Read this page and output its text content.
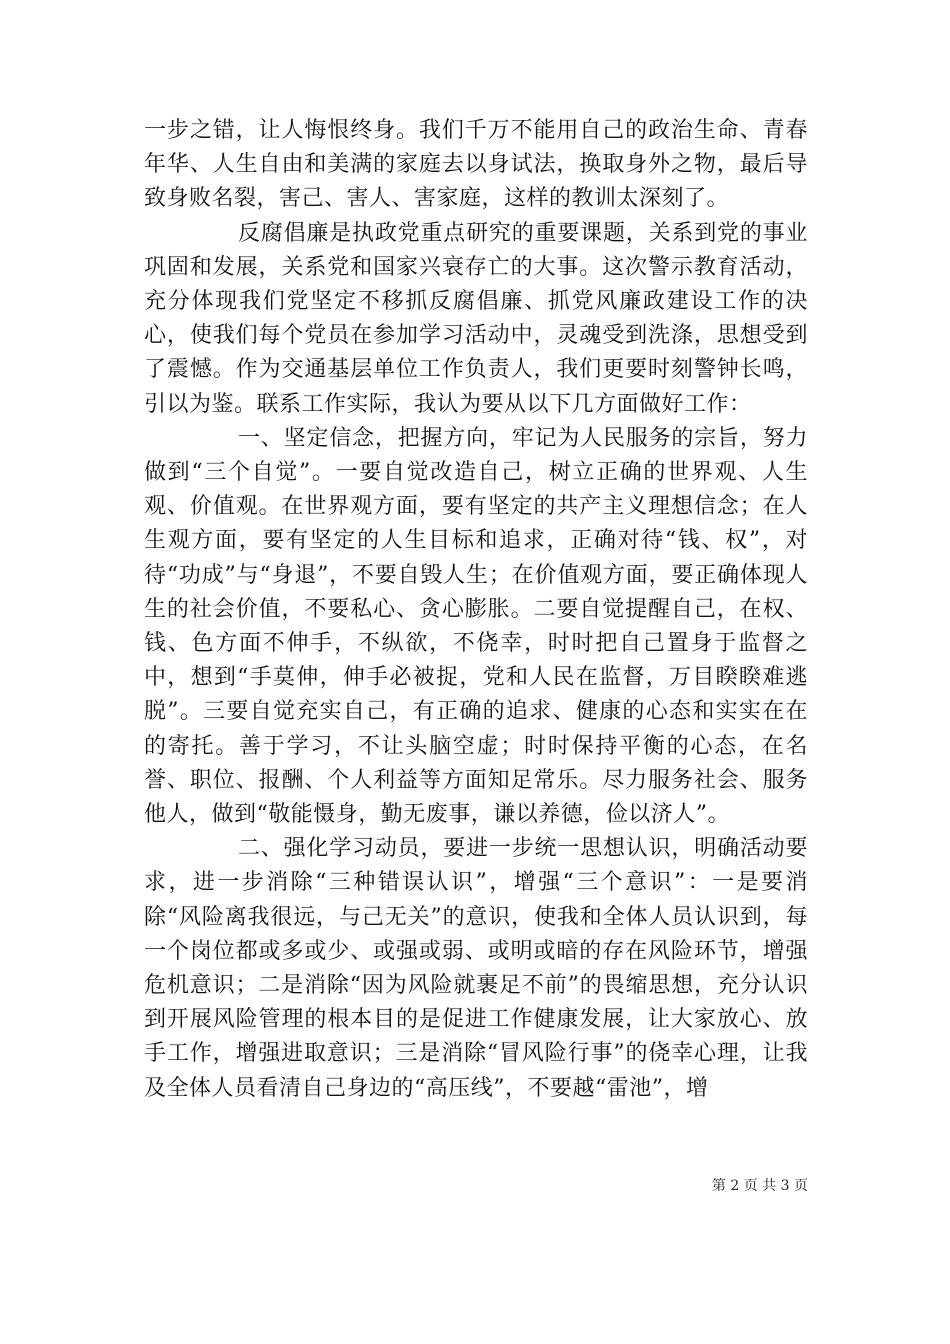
一步之错，让人悔恨终身。我们千万不能用自己的政治生命、青春年华、人生自由和美满的家庭去以身试法，换取身外之物，最后导致身败名裂，害己、害人、害家庭，这样的教训太深刻了。

反腐倡廉是执政党重点研究的重要课题，关系到党的事业巩固和发展，关系党和国家兴衰存亡的大事。这次警示教育活动，充分体现我们党坚定不移抓反腐倡廉、抓党风廉政建设工作的决心，使我们每个党员在参加学习活动中，灵魂受到洗涤，思想受到了震憾。作为交通基层单位工作负责人，我们更要时刻警钟长鸣，引以为鉴。联系工作实际，我认为要从以下几方面做好工作：

一、坚定信念，把握方向，牢记为人民服务的宗旨，努力做到“三个自觉”。一要自觉改造自己，树立正确的世界观、人生观、价值观。在世界观方面，要有坚定的共产主义理想信念；在人生观方面，要有坚定的人生目标和追求，正确对待“钱、权”，对待“功成”与“身退”，不要自毁人生；在价值观方面，要正确体现人生的社会价值，不要私心、贪心膨胀。二要自觉提醒自己，在权、钱、色方面不伸手，不纵欲，不侥幸，时时把自己置身于监督之中，想到“手莫伸，伸手必被捉，党和人民在监督，万目睽睽难逃脱”。三要自觉充实自己，有正确的追求、健康的心态和实实在在的寄托。善于学习，不让头脑空虚；时时保持平衡的心态，在名誉、职位、报酬、个人利益等方面知足常乐。尽力服务社会、服务他人，做到“敬能慑身，勤无废事，谦以养德，俭以济人”。

二、强化学习动员，要进一步统一思想认识，明确活动要求，进一步消除“三种错误认识”，增强“三个意识”：一是要消除“风险离我很远，与己无关”的意识，使我和全体人员认识到，每一个岗位都或多或少、或强或弱、或明或暗的存在风险环节，增强危机意识；二是消除“因为风险就裹足不前”的畏缩思想，充分认识到开展风险管理的根本目的是促进工作健康发展，让大家放心、放手工作，增强进取意识；三是消除“冒风险行事”的侥幸心理，让我及全体人员看清自己身边的“高压线”，不要越“雷池”，增

第 2 页 共 3 页
